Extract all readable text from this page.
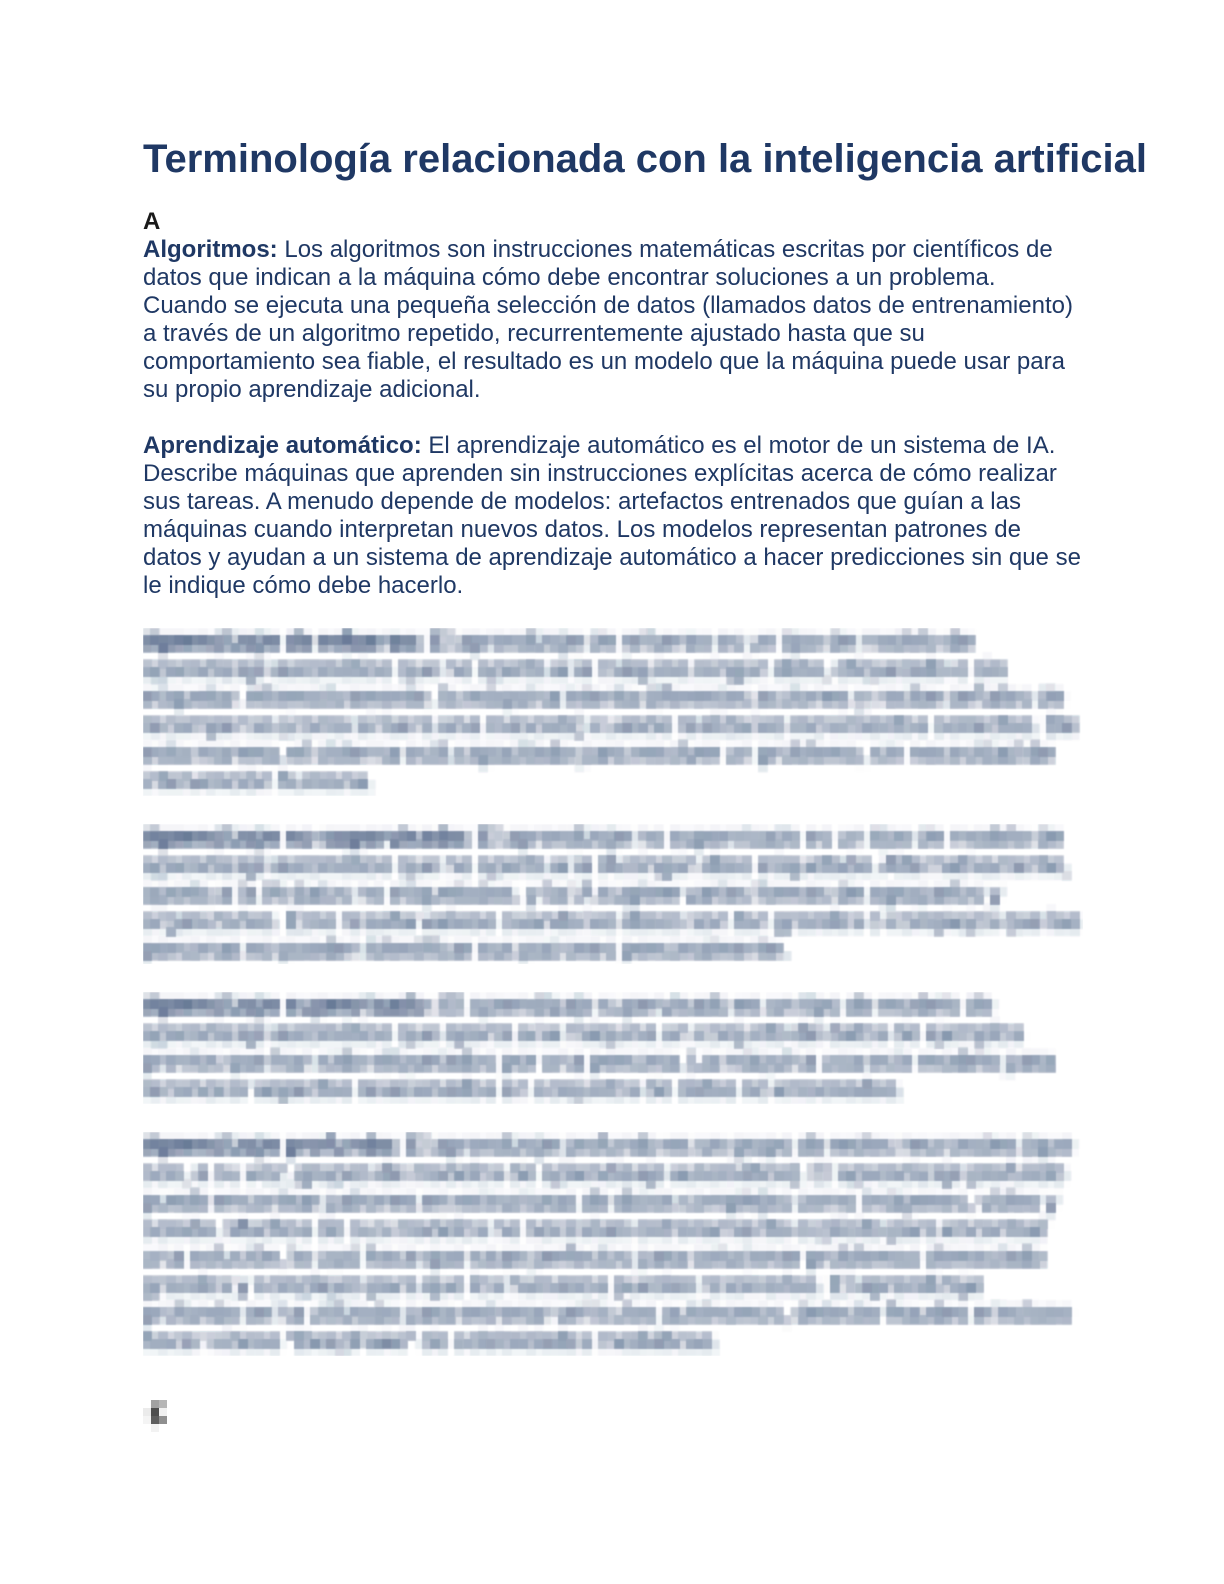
Terminología relacionada con la inteligencia artificial
A

Algoritmos: Los algoritmos son instrucciones matemáticas escritas por científicos de datos que indican a la máquina cómo debe encontrar soluciones a un problema. Cuando se ejecuta una pequeña selección de datos (llamados datos de entrenamiento) a través de un algoritmo repetido, recurrentemente ajustado hasta que su comportamiento sea fiable, el resultado es un modelo que la máquina puede usar para su propio aprendizaje adicional.

Aprendizaje automático: El aprendizaje automático es el motor de un sistema de IA. Describe máquinas que aprenden sin instrucciones explícitas acerca de cómo realizar sus tareas. A menudo depende de modelos: artefactos entrenados que guían a las máquinas cuando interpretan nuevos datos. Los modelos representan patrones de datos y ayudan a un sistema de aprendizaje automático a hacer predicciones sin que se le indique cómo debe hacerlo.

Aprendizaje de refuerzo: El aprendizaje de refuerzo es un tipo de modelo de aprendizaje automático que no aporta a la máquina ningún dato, etiquetado o sin etiquetar. Alternativamente, la máquina intenta diferentes acciones y recibe señales de recompensa (como si fuera una mascota) cuando realiza los movimientos correctos. De esta manera, el sistema está capacitado para resolver un problema, sin necesidad de intervención humana.

Aprendizaje no supervisado: El aprendizaje no supervisado es un tipo de modelo de aprendizaje automático que no aporta a la IA ningún dato etiquetado. Alternativamente, aporta a la IA datos no etiquetados, y la IA sugiere varias formas de agruparlos y organizarlos. Esto resulta valioso cuando los datos son tan grandes o complejos que las personas no pueden identificar sus patrones personalmente.

Aprendizaje supervisado: El aprendizaje supervisado es un tipo de modelo de aprendizaje automático que aporta a la máquina un conjunto de datos de ejemplos previos que han sido etiquetados por una persona. La máquina usa este modelo para reconocer aspectos relacionados en conjuntos de datos no entrenados.

Aprendizaje profundo: El aprendizaje profundo es un grupo de redes neuronales (que son, a su vez, grupos de modelos de aprendizaje automático). El aprendizaje profundo puede encontrar patrones en estructuras de datos complejas como imágenes, vídeo y sonido. Muchos de sus modelos no necesitan entrenamiento explícito para encontrar una solución, lo cual hace que sean perfectos para solucionar problemas demasiado grandes y complejos para que los humanos puedan resolverlos. El aprendizaje profundo se ha utilizado para entrenar vehículos autónomos, detectar fraudes e incluso hacer vídeos "DeepFake" de celebridades mediáticas.
